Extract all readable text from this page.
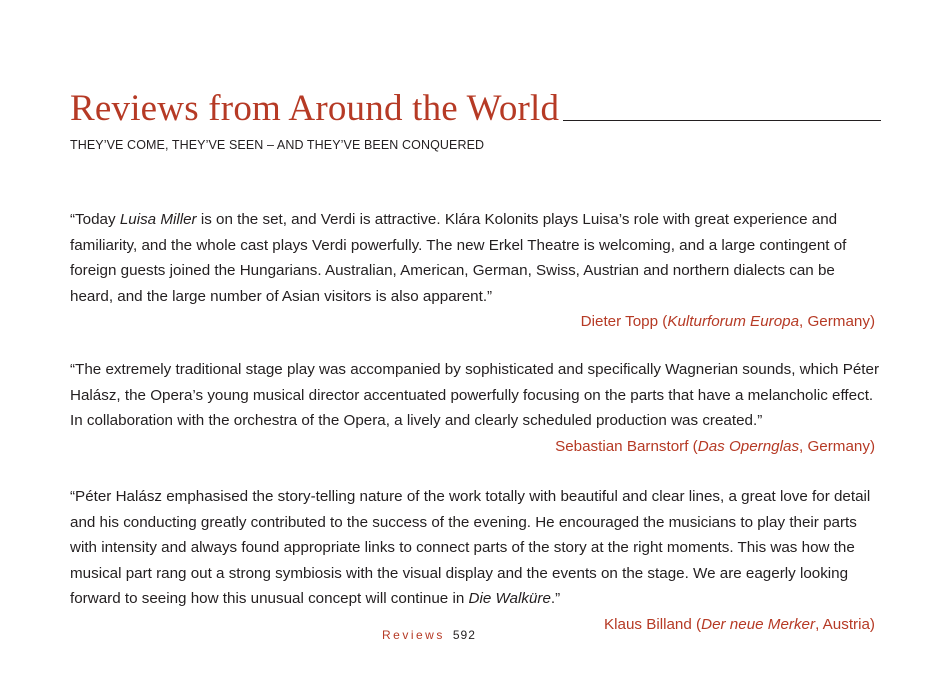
Reviews from Around the World
THEY’VE COME, THEY’VE SEEN – AND THEY’VE BEEN CONQUERED

“Today Luisa Miller is on the set, and Verdi is attractive. Klára Kolonits plays Luisa’s role with great experience and familiarity, and the whole cast plays Verdi powerfully. The new Erkel Theatre is welcoming, and a large contingent of foreign guests joined the Hungarians. Australian, American, German, Swiss, Austrian and northern dialects can be heard, and the large number of Asian visitors is also apparent.”

Dieter Topp (Kulturforum Europa, Germany)

“The extremely traditional stage play was accompanied by sophisticated and specifically Wagnerian sounds, which Péter Halász, the Opera’s young musical director accentuated powerfully focusing on the parts that have a melancholic effect. In collaboration with the orchestra of the Opera, a lively and clearly scheduled production was created.”

Sebastian Barnstorf (Das Opernglas, Germany)

“Péter Halász emphasised the story-telling nature of the work totally with beautiful and clear lines, a great love for detail and his conducting greatly contributed to the success of the evening. He encouraged the musicians to play their parts with intensity and always found appropriate links to connect parts of the story at the right moments. This was how the musical part rang out a strong symbiosis with the visual display and the events on the stage. We are eagerly looking forward to seeing how this unusual concept will continue in Die Walküre.”

Klaus Billand (Der neue Merker, Austria)

Reviews 592
